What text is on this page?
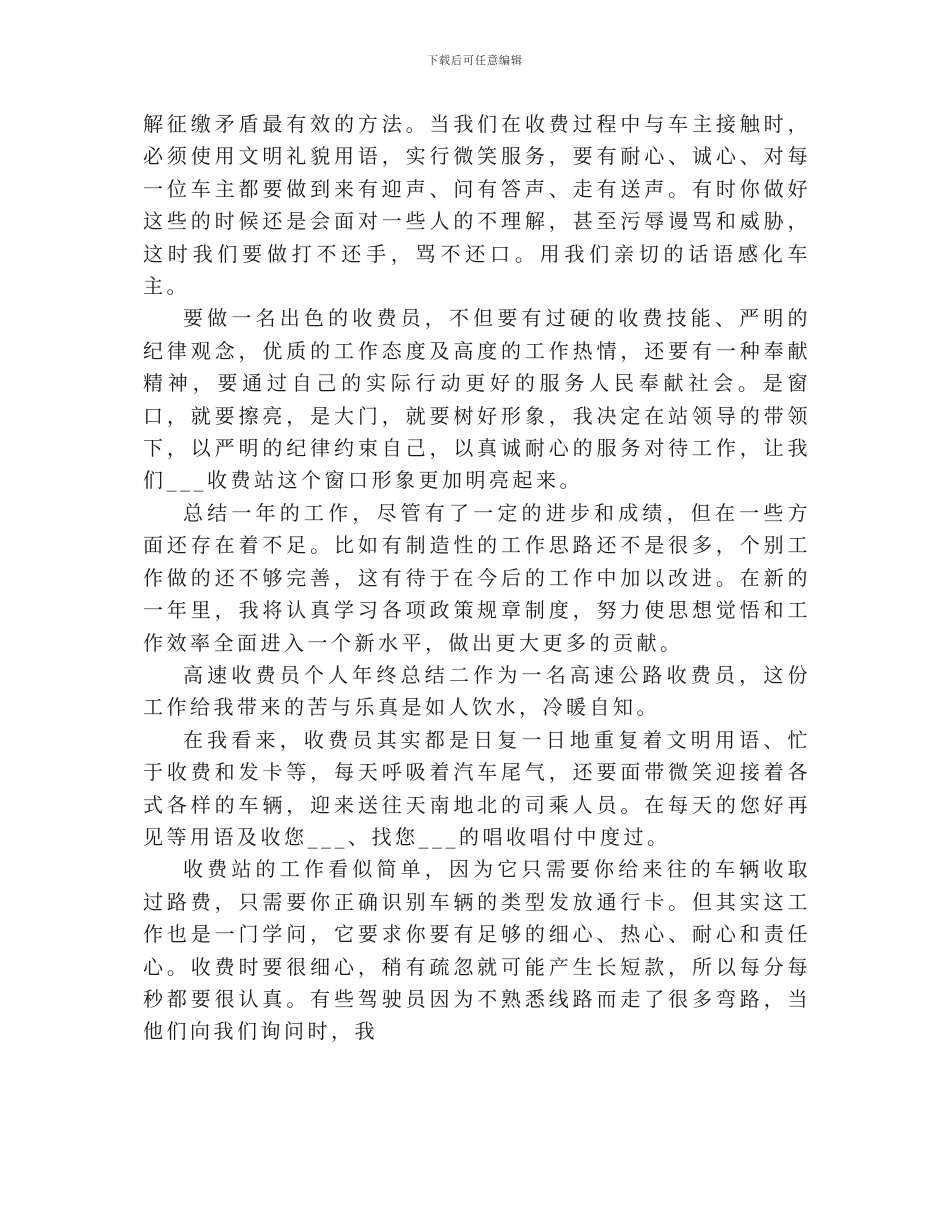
下载后可任意编辑

解征缴矛盾最有效的方法。当我们在收费过程中与车主接触时，必须使用文明礼貌用语，实行微笑服务，要有耐心、诚心、对每一位车主都要做到来有迎声、问有答声、走有送声。有时你做好这些的时候还是会面对一些人的不理解，甚至污辱谩骂和威胁，这时我们要做打不还手，骂不还口。用我们亲切的话语感化车主。

要做一名出色的收费员，不但要有过硬的收费技能、严明的纪律观念，优质的工作态度及高度的工作热情，还要有一种奉献精神，要通过自己的实际行动更好的服务人民奉献社会。是窗口，就要擦亮，是大门，就要树好形象，我决定在站领导的带领下，以严明的纪律约束自己，以真诚耐心的服务对待工作，让我们___收费站这个窗口形象更加明亮起来。

总结一年的工作，尽管有了一定的进步和成绩，但在一些方面还存在着不足。比如有制造性的工作思路还不是很多，个别工作做的还不够完善，这有待于在今后的工作中加以改进。在新的一年里，我将认真学习各项政策规章制度，努力使思想觉悟和工作效率全面进入一个新水平，做出更大更多的贡献。

高速收费员个人年终总结二作为一名高速公路收费员，这份工作给我带来的苦与乐真是如人饮水，冷暖自知。

在我看来，收费员其实都是日复一日地重复着文明用语、忙于收费和发卡等，每天呼吸着汽车尾气，还要面带微笑迎接着各式各样的车辆，迎来送往天南地北的司乘人员。在每天的您好再见等用语及收您___、找您___的唱收唱付中度过。

收费站的工作看似简单，因为它只需要你给来往的车辆收取过路费，只需要你正确识别车辆的类型发放通行卡。但其实这工作也是一门学问，它要求你要有足够的细心、热心、耐心和责任心。收费时要很细心，稍有疏忽就可能产生长短款，所以每分每秒都要很认真。有些驾驶员因为不熟悉线路而走了很多弯路，当他们向我们询问时，我
